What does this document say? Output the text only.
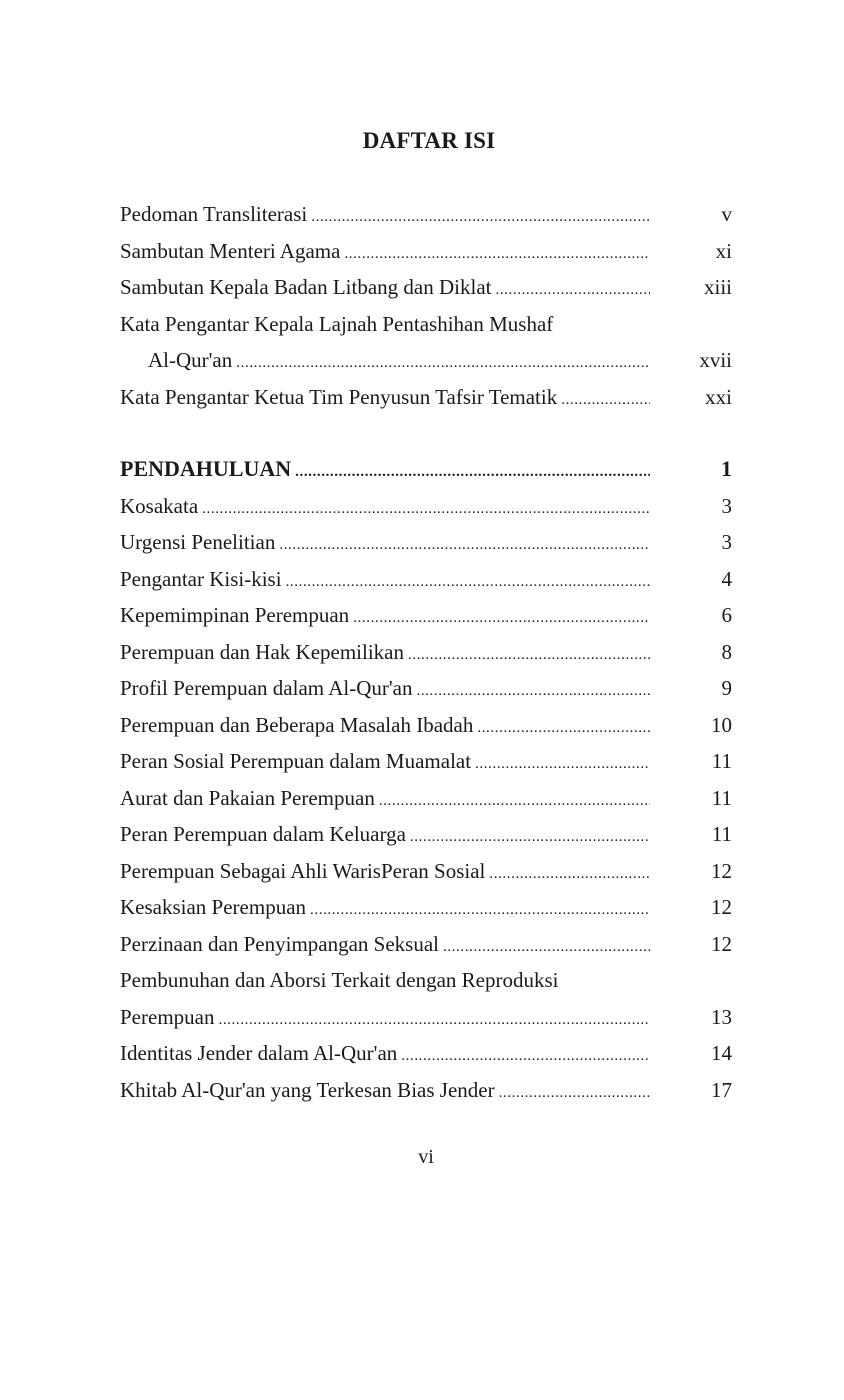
DAFTAR ISI
Pedoman Transliterasi .....	v
Sambutan Menteri Agama .....	xi
Sambutan Kepala Badan Litbang dan Diklat .....	xiii
Kata Pengantar Kepala Lajnah Pentashihan Mushaf
Al-Qur'an .....	xvii
Kata Pengantar Ketua Tim Penyusun Tafsir Tematik .....	xxi
PENDAHULUAN .....	1
Kosakata .....	3
Urgensi Penelitian .....	3
Pengantar Kisi-kisi .....	4
Kepemimpinan Perempuan .....	6
Perempuan dan Hak Kepemilikan .....	8
Profil Perempuan dalam Al-Qur'an .....	9
Perempuan dan Beberapa Masalah Ibadah .....	10
Peran Sosial Perempuan dalam Muamalat .....	11
Aurat dan Pakaian Perempuan .....	11
Peran Perempuan dalam Keluarga .....	11
Perempuan Sebagai Ahli WarisPeran Sosial .....	12
Kesaksian Perempuan .....	12
Perzinaan dan Penyimpangan Seksual .....	12
Pembunuhan dan Aborsi Terkait dengan Reproduksi
Perempuan .....	13
Identitas Jender dalam Al-Qur'an .....	14
Khitab Al-Qur'an yang Terkesan Bias Jender .....	17
vi
